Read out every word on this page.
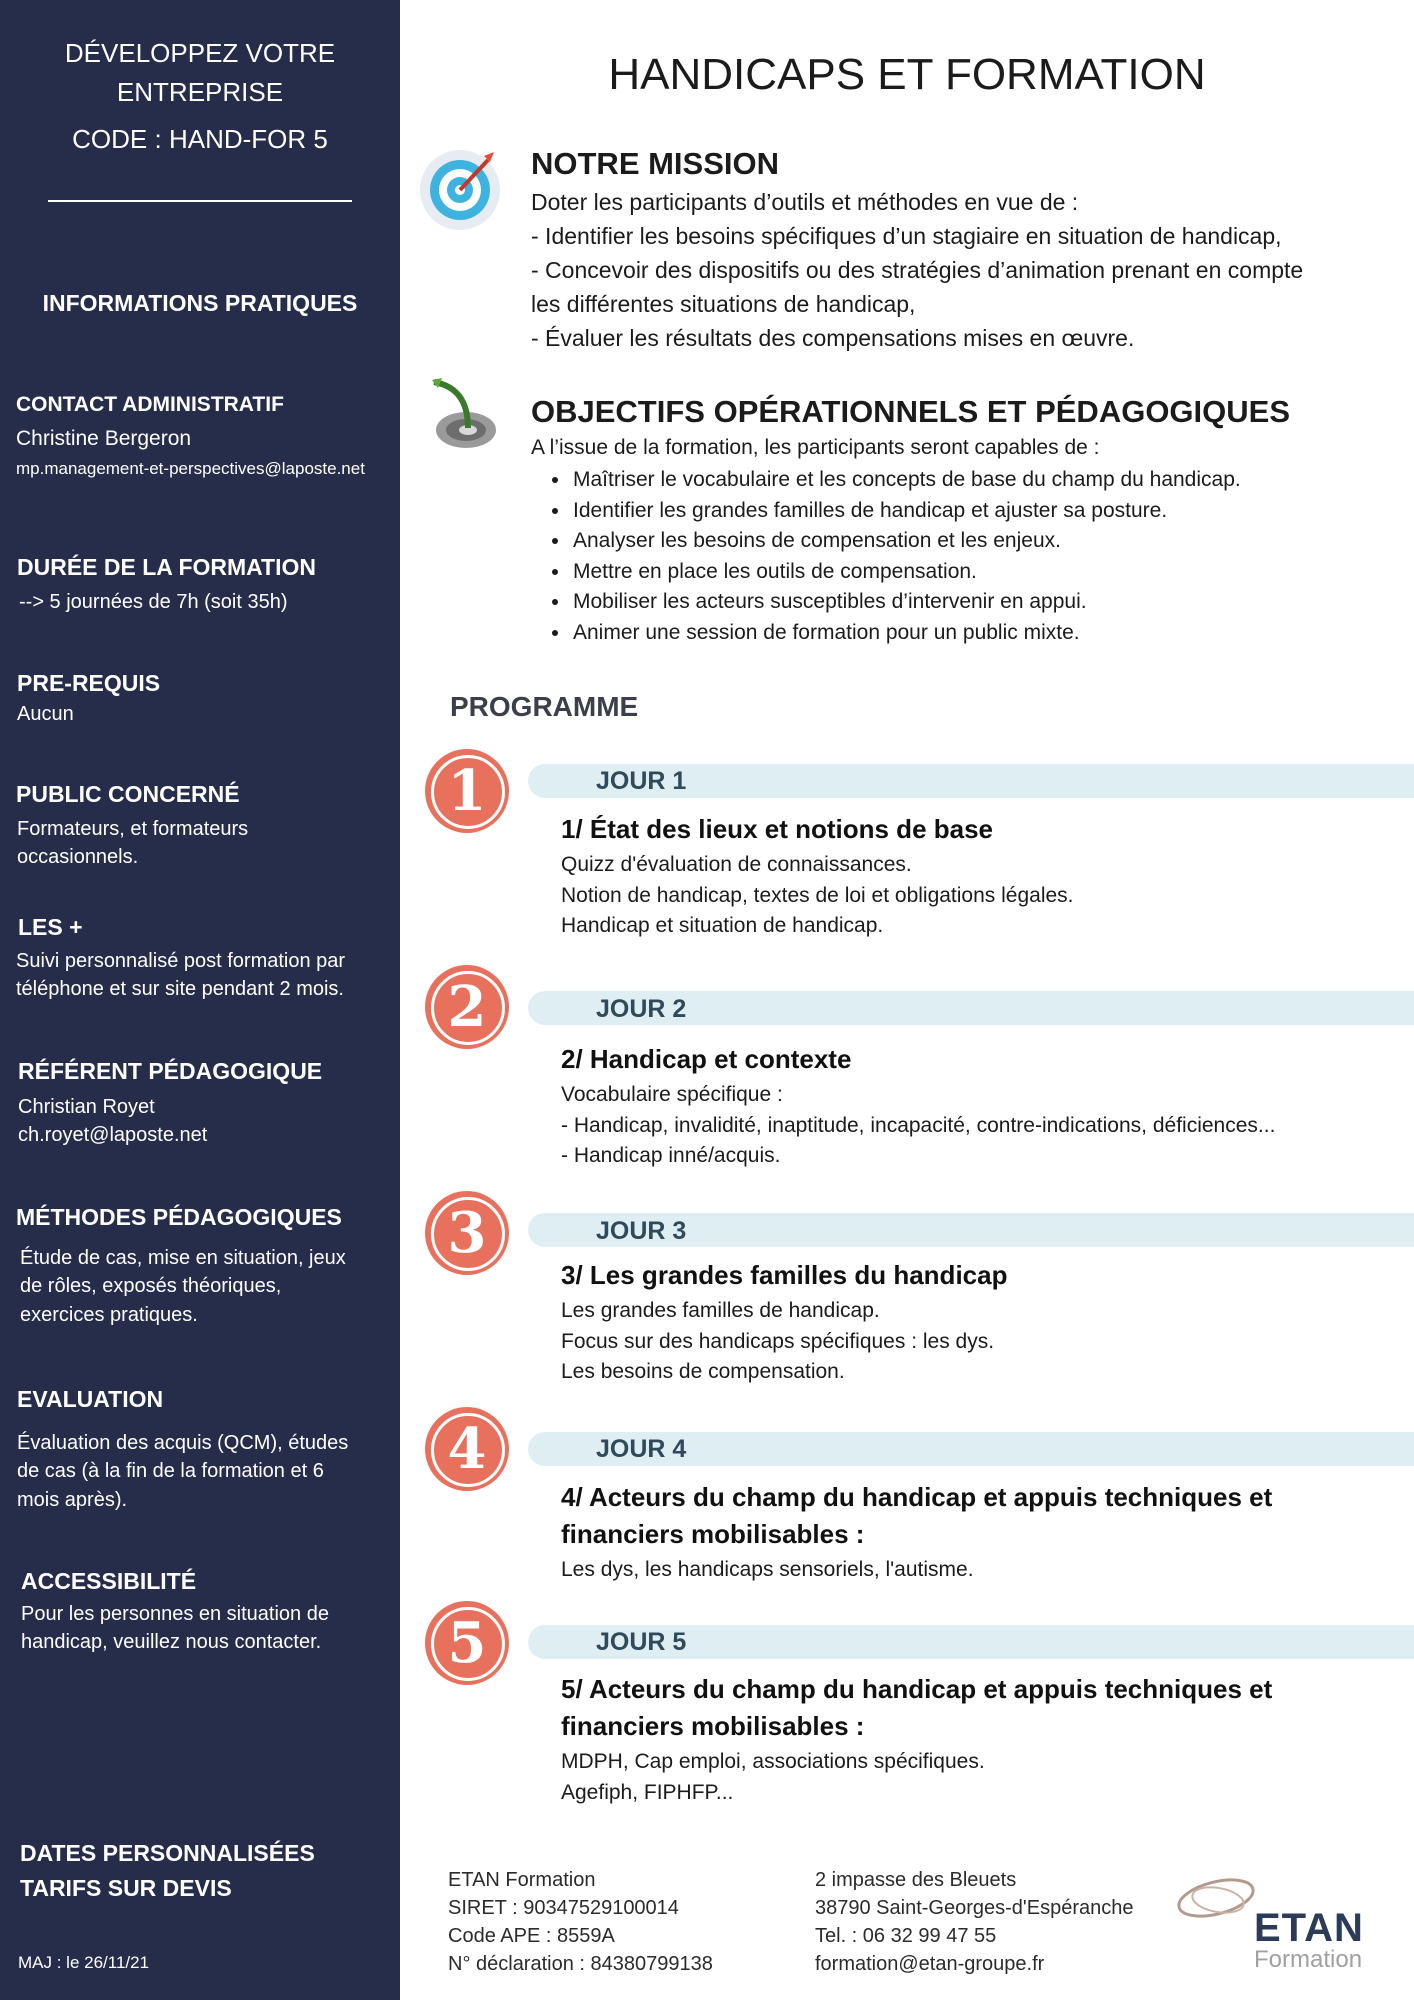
DÉVELOPPEZ VOTRE
ENTREPRISE
CODE : HAND-FOR 5
INFORMATIONS PRATIQUES
CONTACT ADMINISTRATIF
Christine Bergeron
mp.management-et-perspectives@laposte.net
DURÉE DE LA FORMATION
--> 5 journées de 7h (soit 35h)
PRE-REQUIS
Aucun
PUBLIC CONCERNÉ
Formateurs, et formateurs
occasionnels.
LES +
Suivi personnalisé post formation par
téléphone et sur site pendant 2 mois.
RÉFÉRENT PÉDAGOGIQUE
Christian Royet
ch.royet@laposte.net
MÉTHODES PÉDAGOGIQUES
Étude de cas, mise en situation, jeux
de rôles, exposés théoriques,
exercices pratiques.
EVALUATION
Évaluation des acquis (QCM), études
de cas (à la fin de la formation et 6
mois après).
ACCESSIBILITÉ
Pour les personnes en situation de
handicap, veuillez nous contacter.
DATES PERSONNALISÉES
TARIFS SUR DEVIS
MAJ : le 26/11/21
HANDICAPS ET FORMATION
NOTRE MISSION
Doter les participants d’outils et méthodes en vue de :
- Identifier les besoins spécifiques d’un stagiaire en situation de handicap,
- Concevoir des dispositifs ou des stratégies d’animation prenant en compte
les différentes situations de handicap,
- Évaluer les résultats des compensations mises en œuvre.
OBJECTIFS OPÉRATIONNELS ET PÉDAGOGIQUES
A l’issue de la formation, les participants seront capables de :
• Maîtriser le vocabulaire et les concepts de base du champ du handicap.
• Identifier les grandes familles de handicap et ajuster sa posture.
• Analyser les besoins de compensation et les enjeux.
• Mettre en place les outils de compensation.
• Mobiliser les acteurs susceptibles d’intervenir en appui.
• Animer une session de formation pour un public mixte.
PROGRAMME
1	JOUR 1
1/ État des lieux et notions de base
Quizz d'évaluation de connaissances.
Notion de handicap, textes de loi et obligations légales.
Handicap et situation de handicap.
2	JOUR 2
2/ Handicap et contexte
Vocabulaire spécifique :
- Handicap, invalidité, inaptitude, incapacité, contre-indications, déficiences...
- Handicap inné/acquis.
3	JOUR 3
3/ Les grandes familles du handicap
Les grandes familles de handicap.
Focus sur des handicaps spécifiques : les dys.
Les besoins de compensation.
4	JOUR 4
4/ Acteurs du champ du handicap et appuis techniques et
financiers mobilisables :
Les dys, les handicaps sensoriels, l'autisme.
5	JOUR 5
5/ Acteurs du champ du handicap et appuis techniques et
financiers mobilisables :
MDPH, Cap emploi, associations spécifiques.
Agefiph, FIPHFP...
ETAN Formation
SIRET : 90347529100014
Code APE : 8559A
N° déclaration : 84380799138
2 impasse des Bleuets
38790 Saint-Georges-d'Espéranche
Tel. : 06 32 99 47 55
formation@etan-groupe.fr
ETAN
Formation
